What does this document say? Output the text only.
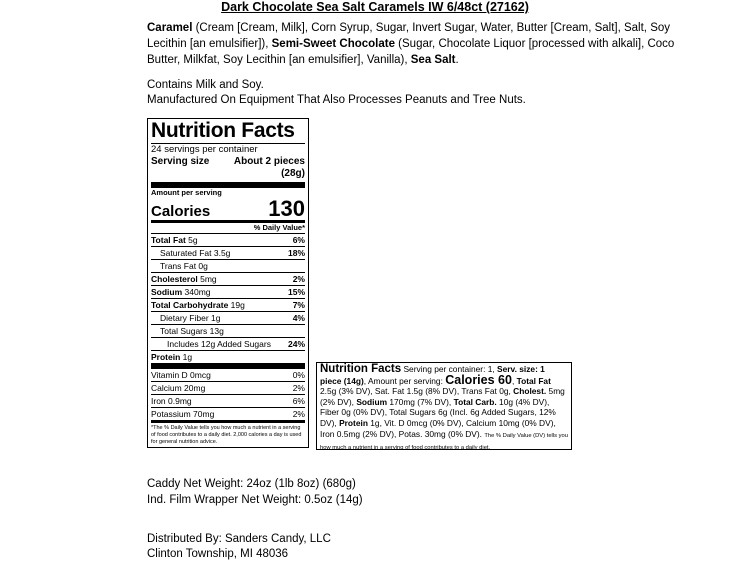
Dark Chocolate Sea Salt Caramels IW 6/48ct (27162)
Caramel (Cream [Cream, Milk], Corn Syrup, Sugar, Invert Sugar, Water, Butter [Cream, Salt], Salt, Soy
Lecithin [an emulsifier]), Semi-Sweet Chocolate (Sugar, Chocolate Liquor [processed with alkali], Coco
Butter, Milkfat, Soy Lecithin [an emulsifier], Vanilla), Sea Salt.
Contains Milk and Soy.
Manufactured On Equipment That Also Processes Peanuts and Tree Nuts.
Nutrition Facts
24 servings per container
Serving size About 2 pieces
(28g)
Amount per serving
Calories	130
% Daily Value*
Total Fat 5g	6%
Saturated Fat 3.5g	18%
Trans Fat 0g
Cholesterol 5mg	2%
Sodium 340mg	15%
Total Carbohydrate 19g	7%
Dietary Fiber 1g	4%
Total Sugars 13g
Includes 12g Added Sugars 24%
Protein 1g
Vitamin D 0mcg	0%
Calcium 20mg	2%
Iron 0.9mg	6%
Potassium 70mg	2%
*The % Daily Value tells you how much a nutrient in a serving of food contributes to a daily diet. 2,000 calories a day is used for general nutrition advice.
Nutrition Facts Serving per container: 1, Serv. size: 1 piece (14g), Amount per serving: Calories 60, Total Fat 2.5g (3% DV), Sat. Fat 1.5g (8% DV), Trans Fat 0g, Cholest. 5mg (2% DV), Sodium 170mg (7% DV), Total Carb. 10g (4% DV), Fiber 0g (0% DV), Total Sugars 6g (Incl. 6g Added Sugars, 12% DV), Protein 1g, Vit. D 0mcg (0% DV), Calcium 10mg (0% DV), Iron 0.5mg (2% DV), Potas. 30mg (0% DV). The % Daily Value (DV) tells you how much a nutrient in a serving of food contributes to a daily diet.
Caddy Net Weight: 24oz (1lb 8oz) (680g)
Ind. Film Wrapper Net Weight: 0.5oz (14g)
Distributed By: Sanders Candy, LLC
Clinton Township, MI 48036
